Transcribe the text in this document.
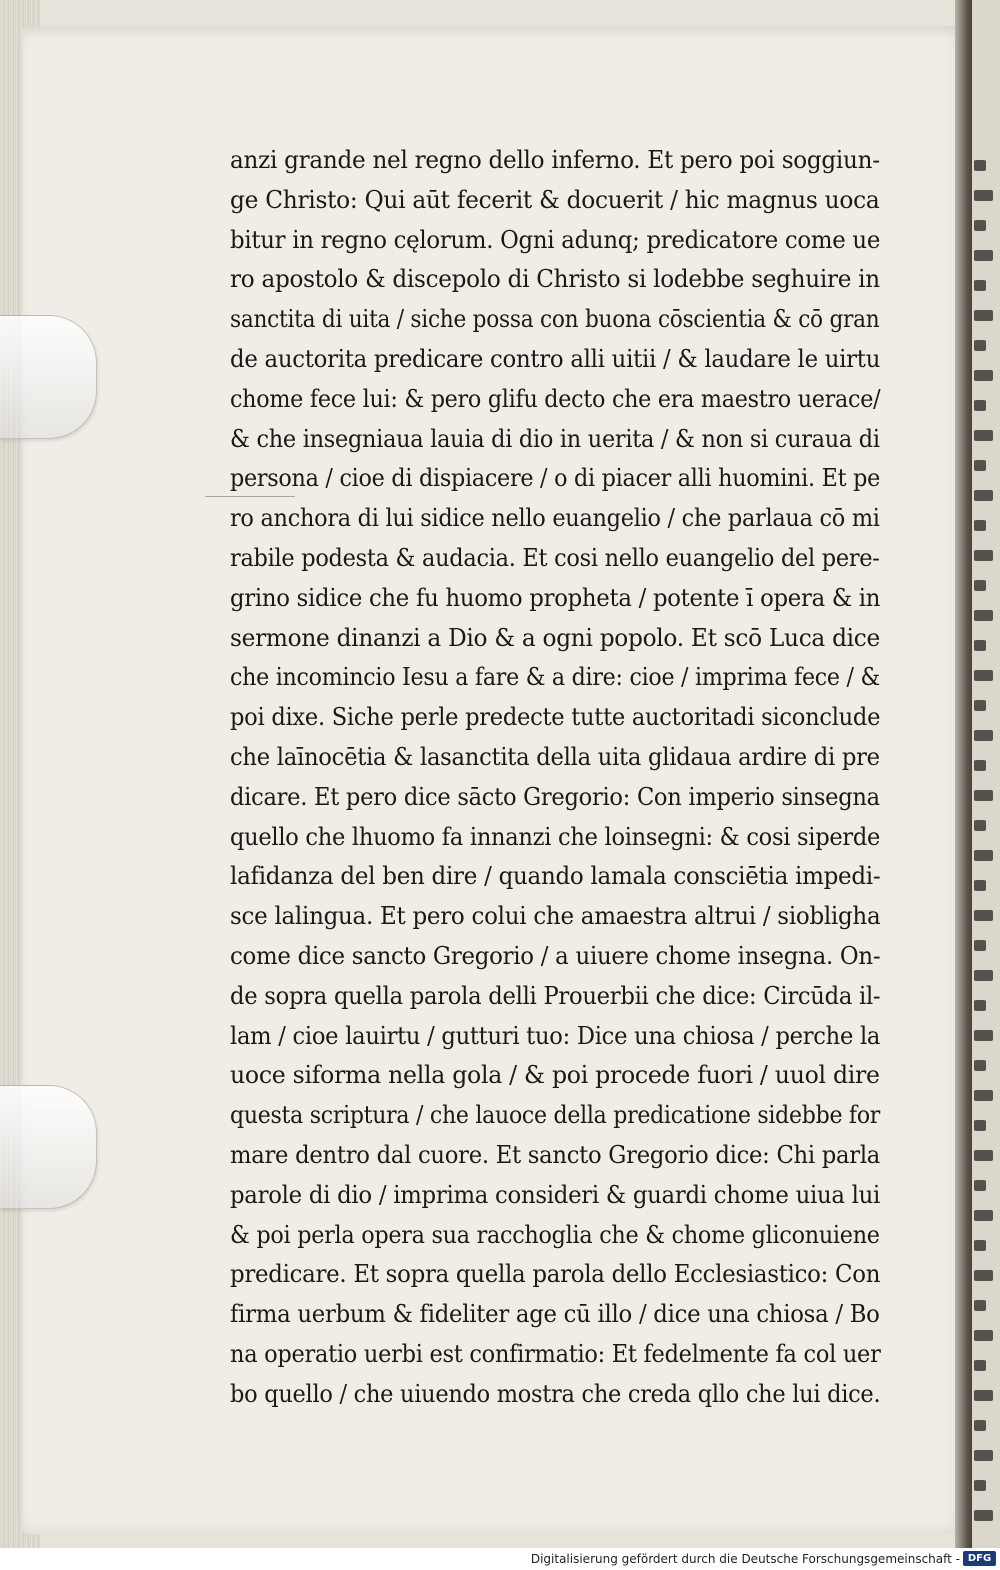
anzi grande nel regno dello inferno. Et pero poi soggiun-
ge Christo: Qui aūt fecerit & docuerit / hic magnus uoca
bitur in regno cęlorum. Ogni adunq; predicatore come ue
ro apostolo & discepolo di Christo si lodebbe seghuire in
sanctita di uita / siche possa con buona cōscientia & cō gran
de auctorita predicare contro alli uitii / & laudare le uirtu
chome fece lui: & pero glifu decto che era maestro uerace/
& che insegniaua lauia di dio in uerita / & non si curaua di
persona / cioe di dispiacere / o di piacer alli huomini. Et pe
ro anchora di lui sidice nello euangelio / che parlaua cō mi
rabile podesta & audacia. Et cosi nello euangelio del pere-
grino sidice che fu huomo propheta / potente ī opera & in
sermone dinanzi a Dio & a ogni popolo. Et scō Luca dice
che incomincio Iesu a fare & a dire: cioe / imprima fece / &
poi dixe. Siche perle predecte tutte auctoritadi siconclude
che laīnocētia & lasanctita della uita glidaua ardire di pre
dicare. Et pero dice sācto Gregorio: Con imperio sinsegna
quello che lhuomo fa innanzi che loinsegni: & cosi siperde
lafidanza del ben dire / quando lamala consciētia impedi-
sce lalingua. Et pero colui che amaestra altrui / siobligha
come dice sancto Gregorio / a uiuere chome insegna. On-
de sopra quella parola delli Prouerbii che dice: Circūda il-
lam / cioe lauirtu / gutturi tuo: Dice una chiosa / perche la
uoce siforma nella gola / & poi procede fuori / uuol dire
questa scriptura / che lauoce della predicatione sidebbe for
mare dentro dal cuore. Et sancto Gregorio dice: Chi parla
parole di dio / imprima consideri & guardi chome uiua lui
& poi perla opera sua racchoglia che & chome gliconuiene
predicare. Et sopra quella parola dello Ecclesiastico: Con
firma uerbum & fideliter age cū illo / dice una chiosa / Bo
na operatio uerbi est confirmatio: Et fedelmente fa col uer
bo quello / che uiuendo mostra che creda qllo che lui dice.
Digitalisierung gefördert durch die Deutsche Forschungsgemeinschaft - DFG
